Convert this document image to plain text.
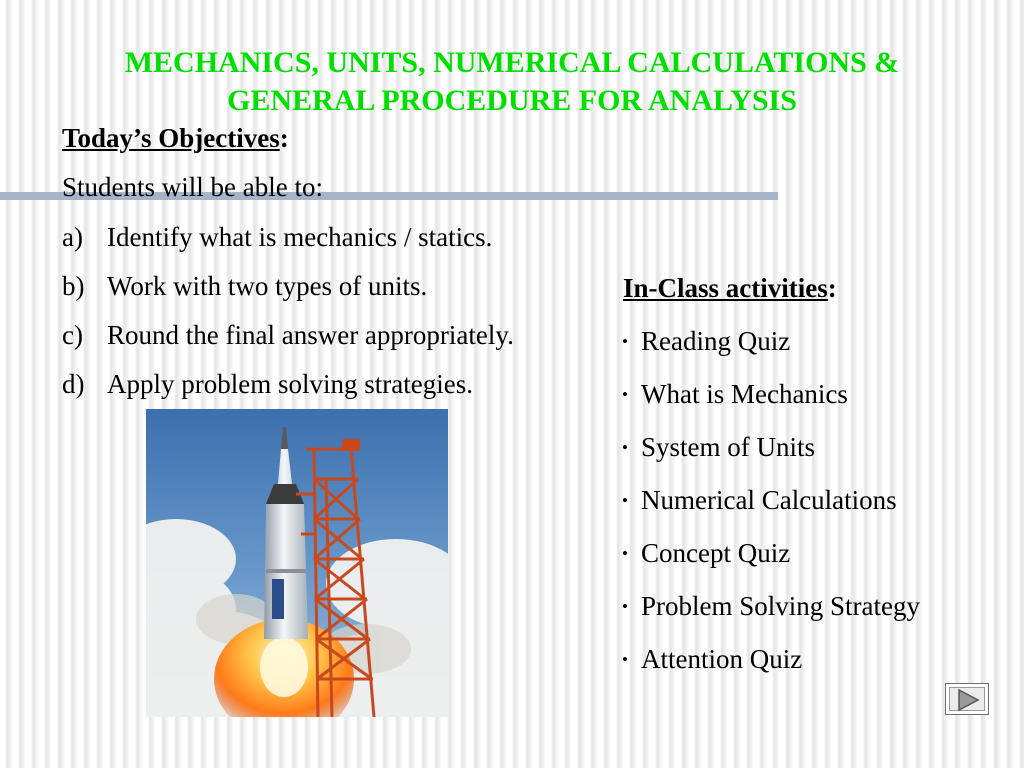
MECHANICS, UNITS, NUMERICAL CALCULATIONS &
GENERAL PROCEDURE FOR ANALYSIS
Today’s Objectives:
Students will be able to:
a) Identify what is mechanics / statics.
b) Work with two types of units.
c) Round the final answer appropriately.
d) Apply problem solving strategies.
In-Class activities:
• Reading Quiz
• What is Mechanics
• System of Units
• Numerical Calculations
• Concept Quiz
• Problem Solving Strategy
• Attention Quiz
